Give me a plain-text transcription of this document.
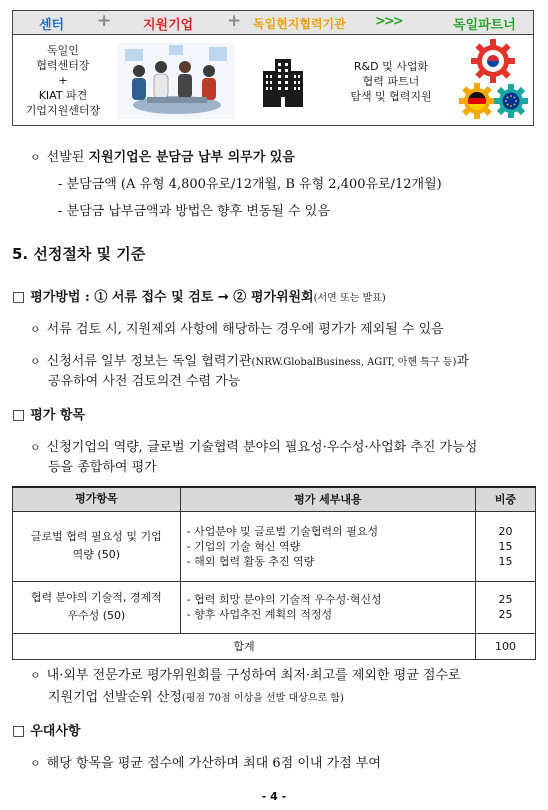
센터 + 지원기업 + 독일현지협력기관 >>>	독일파트너
독일인
협력센터장
+
KIAT 파견
기업지원센터장
R&D 및 사업화
협력 파트너
탐색 및 협력지원
ㅇ 선발된 지원기업은 분담금 납부 의무가 있음
- 분담금액 (A 유형 4,800유로/12개월, B 유형 2,400유로/12개월)
- 분담금 납부금액과 방법은 향후 변동될 수 있음
5. 선정절차 및 기준
□ 평가방법 : ① 서류 접수 및 검토 → ② 평가위원회(서면 또는 발표)
ㅇ 서류 검토 시, 지원제외 사항에 해당하는 경우에 평가가 제외될 수 있음
ㅇ 신청서류 일부 정보는 독일 협력기관(NRW.GlobalBusiness, AGIT, 아헨 특구 등)과
공유하여 사전 검토의견 수렴 가능
□ 평가 항목
ㅇ 신청기업의 역량, 글로벌 기술협력 분야의 필요성·우수성·사업화 추진 가능성
등을 종합하여 평가
평가항목	평가 세부내용	비중

글로벌 협력 필요성 및 기업
역량 (50)	- 사업분야 및 글로벌 기술협력의 필요성
- 기업의 기술 혁신 역량
- 해외 협력 활동 추진 역량	20
15
15

협력 분야의 기술적, 경제적
우수성 (50)	- 협력 희망 분야의 기술적 우수성·혁신성
- 향후 사업추진 계획의 적정성	25
25

합계		100
ㅇ 내·외부 전문가로 평가위원회를 구성하여 최저·최고를 제외한 평균 점수로
지원기업 선발순위 산정(평점 70점 이상을 선발 대상으로 함)
□ 우대사항
ㅇ 해당 항목을 평균 점수에 가산하며 최대 6점 이내 가점 부여
- 4 -
